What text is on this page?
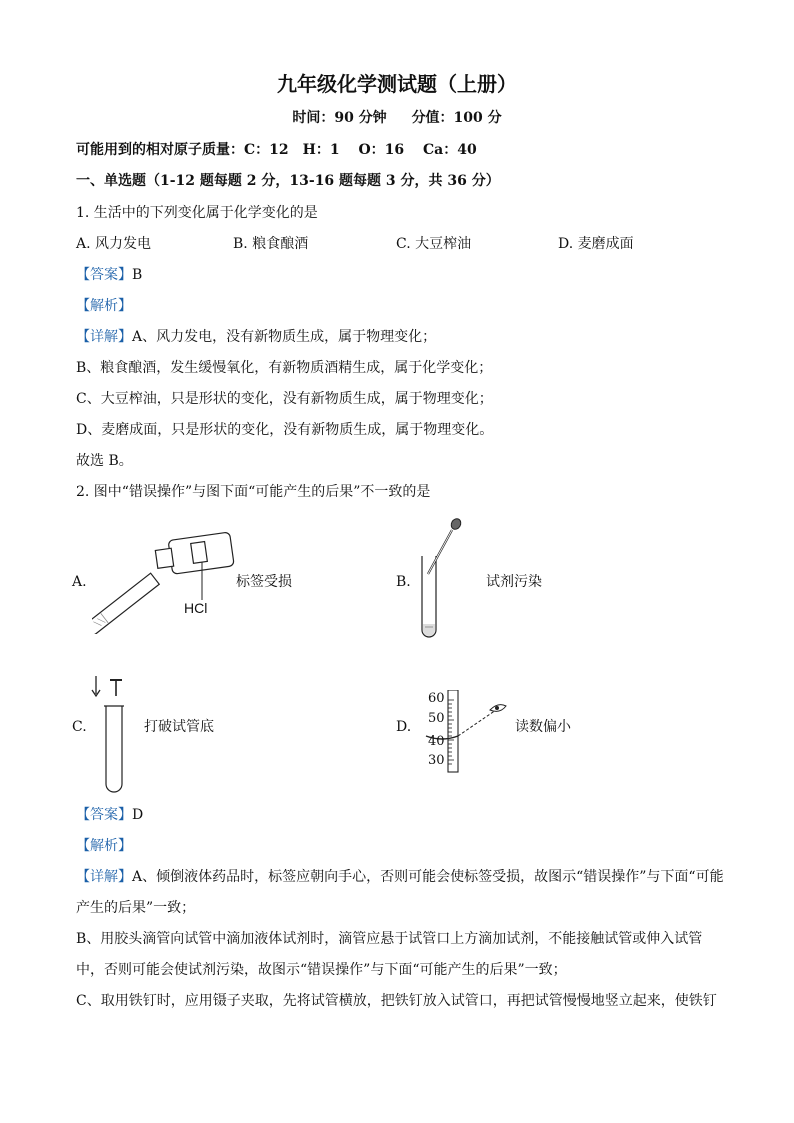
九年级化学测试题（上册）
时间：90 分钟 分值：100 分
可能用到的相对原子质量：C：12　H：1　 O：16　 Ca：40
一、单选题（1-12 题每题 2 分，13-16 题每题 3 分，共 36 分）
1. 生活中的下列变化属于化学变化的是
A. 风力发电	B. 粮食酿酒	C. 大豆榨油	D. 麦磨成面
【答案】B
【解析】
【详解】A、风力发电，没有新物质生成，属于物理变化；
B、粮食酿酒，发生缓慢氧化，有新物质酒精生成，属于化学变化；
C、大豆榨油，只是形状的变化，没有新物质生成，属于物理变化；
D、麦磨成面，只是形状的变化，没有新物质生成，属于物理变化。
故选 B。
2. 图中“错误操作”与图下面“可能产生的后果”不一致的是
A.
HCl
标签受损	B.	试剂污染
C.	打破试管底	D.
60
50
40
30
读数偏小
【答案】D
【解析】
【详解】A、倾倒液体药品时，标签应朝向手心，否则可能会使标签受损，故图示“错误操作”与下面“可能
产生的后果”一致；
B、用胶头滴管向试管中滴加液体试剂时，滴管应悬于试管口上方滴加试剂，不能接触试管或伸入试管
中，否则可能会使试剂污染，故图示“错误操作”与下面“可能产生的后果”一致；
C、取用铁钉时，应用镊子夹取，先将试管横放，把铁钉放入试管口，再把试管慢慢地竖立起来，使铁钉
